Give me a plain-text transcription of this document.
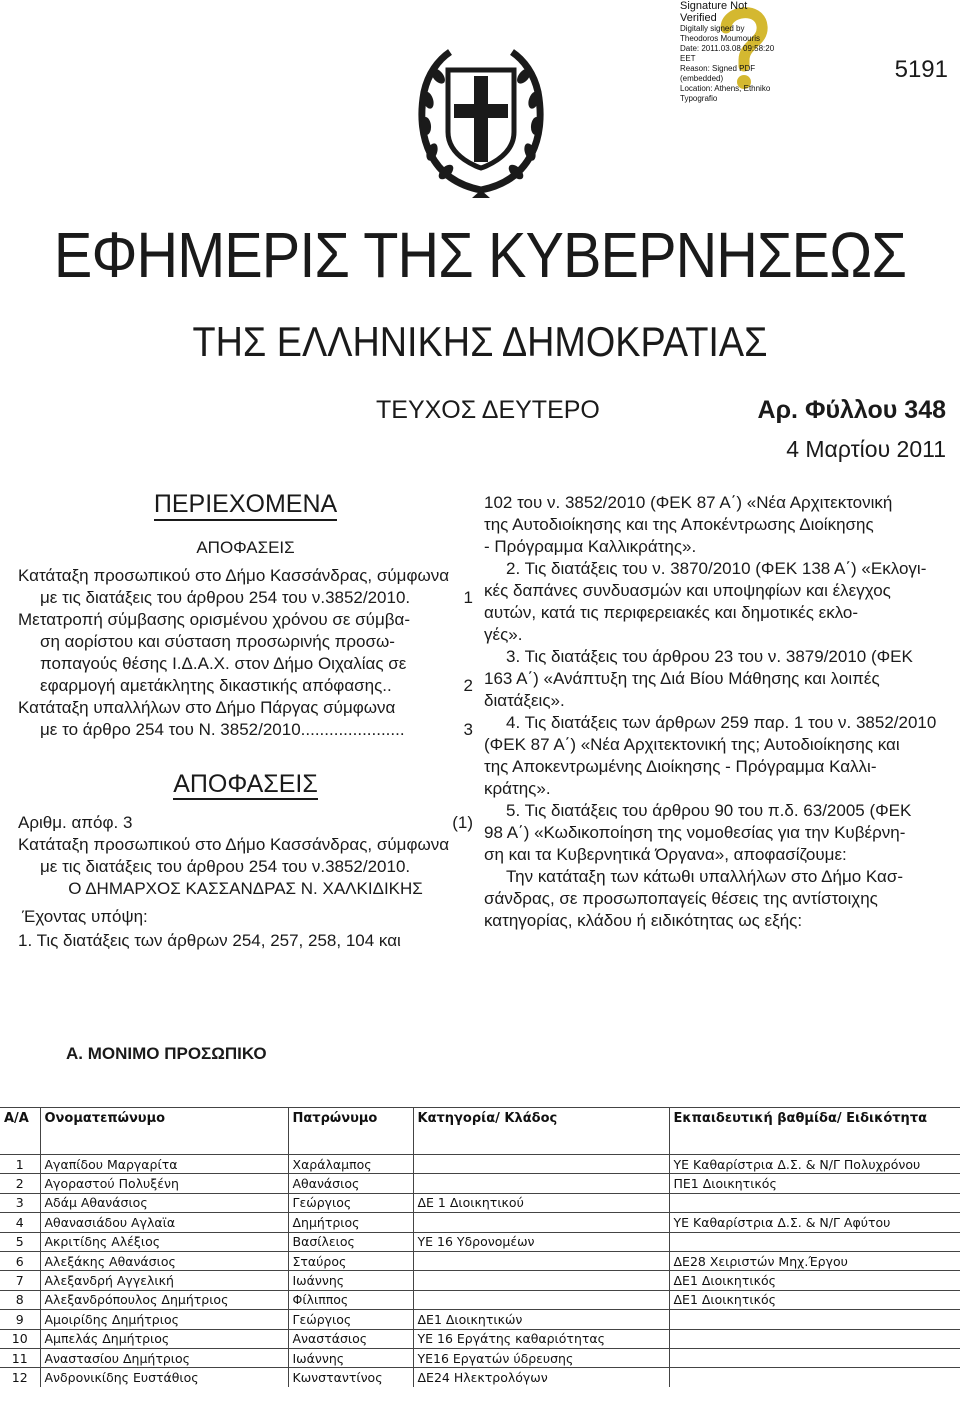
Signature Not
Verified
Digitally signed by
Theodoros Moumouris
Date: 2011.03.08 09:58:20
EET
Reason: Signed PDF
(embedded)
Location: Athens, Ethniko
Typografio
5191
ΕΦΗΜΕΡΙΣ ΤΗΣ ΚΥΒΕΡΝΗΣΕΩΣ
ΤΗΣ ΕΛΛΗΝΙΚΗΣ ΔΗΜΟΚΡΑΤΙΑΣ
ΤΕΥΧΟΣ ΔΕΥΤΕΡΟ	Αρ. Φύλλου 348
4 Μαρτίου 2011
ΠΕΡΙΕΧΟΜΕΝΑ
ΑΠΟΦΑΣΕΙΣ
Κατάταξη προσωπικού στο Δήμο Κασσάνδρας, σύμφωνα
με τις διατάξεις του άρθρου 254 του ν.3852/2010.	1
Μετατροπή σύμβασης ορισμένου χρόνου σε σύμβα-
ση αορίστου και σύσταση προσωρινής προσω-
ποπαγούς θέσης Ι.Δ.Α.Χ. στον Δήμο Οιχαλίας σε
εφαρμογή αμετάκλητης δικαστικής απόφασης..	2
Κατάταξη υπαλλήλων στο Δήμο Πάργας σύμφωνα
με το άρθρο 254 του Ν. 3852/2010......................	3
ΑΠΟΦΑΣΕΙΣ
Αριθμ. απόφ. 3	(1)
Κατάταξη προσωπικού στο Δήμο Κασσάνδρας, σύμφωνα
με τις διατάξεις του άρθρου 254 του ν.3852/2010.
Ο ΔΗΜΑΡΧΟΣ ΚΑΣΣΑΝΔΡΑΣ Ν. ΧΑΛΚΙΔΙΚΗΣ
Έχοντας υπόψη:
1. Τις διατάξεις των άρθρων 254, 257, 258, 104 και
102 του ν. 3852/2010 (ΦΕΚ 87 Α΄) «Νέα Αρχιτεκτονική
της Αυτοδιοίκησης και της Αποκέντρωσης Διοίκησης
- Πρόγραμμα Καλλικράτης».
2. Τις διατάξεις του ν. 3870/2010 (ΦΕΚ 138 Α΄) «Εκλογι-
κές δαπάνες συνδυασμών και υποψηφίων και έλεγχος
αυτών, κατά τις περιφερειακές και δημοτικές εκλο-
γές».
3. Τις διατάξεις του άρθρου 23 του ν. 3879/2010 (ΦΕΚ
163 Α΄) «Ανάπτυξη της Διά Βίου Μάθησης και λοιπές
διατάξεις».
4. Τις διατάξεις των άρθρων 259 παρ. 1 του ν. 3852/2010
(ΦΕΚ 87 Α΄) «Νέα Αρχιτεκτονική της; Αυτοδιοίκησης και
της Αποκεντρωμένης Διοίκησης - Πρόγραμμα Καλλι-
κράτης».
5. Τις διατάξεις του άρθρου 90 του π.δ. 63/2005 (ΦΕΚ
98 Α΄) «Κωδικοποίηση της νομοθεσίας για την Κυβέρνη-
ση και τα Κυβερνητικά Όργανα», αποφασίζουμε:
Την κατάταξη των κάτωθι υπαλλήλων στο Δήμο Κασ-
σάνδρας, σε προσωποπαγείς θέσεις της αντίστοιχης
κατηγορίας, κλάδου ή ειδικότητας ως εξής:
Α. ΜΟΝΙΜΟ ΠΡΟΣΩΠΙΚΟ
Α/Α	Ονοματεπώνυμο	Πατρώνυμο	Κατηγορία/ Κλάδος	Εκπαιδευτική βαθμίδα/ Ειδικότητα
1	Αγαπίδου Μαργαρίτα	Χαράλαμπος		ΥΕ Καθαρίστρια Δ.Σ. & Ν/Γ Πολυχρόνου
2	Αγοραστού Πολυξένη	Αθανάσιος		ΠΕ1 Διοικητικός
3	Αδάμ Αθανάσιος	Γεώργιος	ΔΕ 1 Διοικητικού	
4	Αθανασιάδου Αγλαϊα	Δημήτριος		ΥΕ Καθαρίστρια Δ.Σ. & Ν/Γ Αφύτου
5	Ακριτίδης Αλέξιος	Βασίλειος	ΥΕ 16 Υδρονομέων	
6	Αλεξάκης Αθανάσιος	Σταύρος		ΔΕ28 Χειριστών Μηχ.Έργου
7	Αλεξανδρή Αγγελική	Ιωάννης		ΔΕ1 Διοικητικός
8	Αλεξανδρόπουλος Δημήτριος	Φίλιππος		ΔΕ1 Διοικητικός
9	Αμοιρίδης Δημήτριος	Γεώργιος	ΔΕ1 Διοικητικών	
10	Αμπελάς Δημήτριος	Αναστάσιος	ΥΕ 16 Εργάτης καθαριότητας	
11	Αναστασίου Δημήτριος	Ιωάννης	ΥΕ16 Εργατών ύδρευσης	
12	Ανδρονικίδης Ευστάθιος	Κωνσταντίνος	ΔΕ24 Ηλεκτρολόγων	
